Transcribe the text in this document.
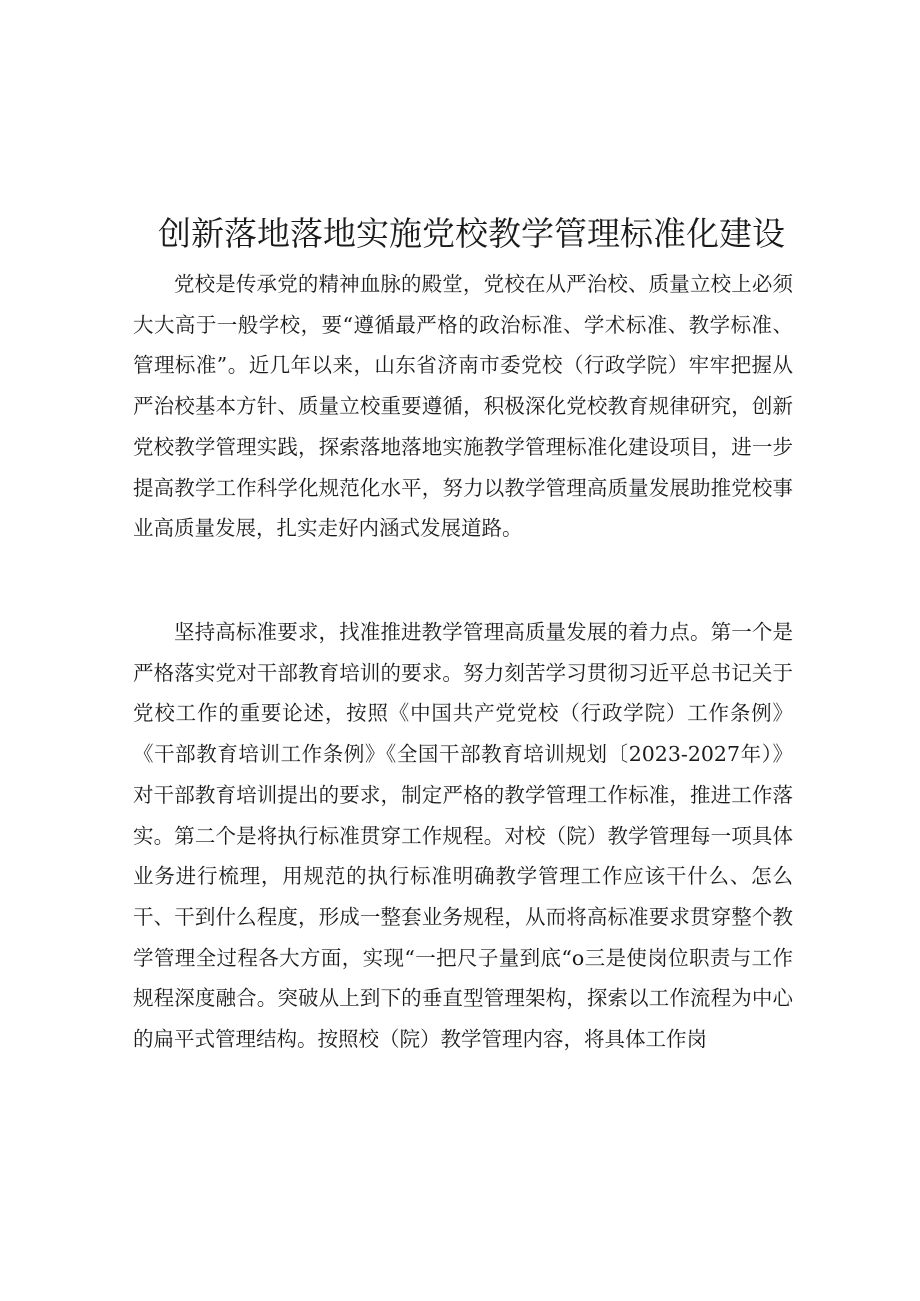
创新落地落地实施党校教学管理标准化建设

党校是传承党的精神血脉的殿堂，党校在从严治校、质量立校上必须大大高于一般学校，要“遵循最严格的政治标准、学术标准、教学标准、管理标准”。近几年以来，山东省济南市委党校（行政学院）牢牢把握从严治校基本方针、质量立校重要遵循，积极深化党校教育规律研究，创新党校教学管理实践，探索落地落地实施教学管理标准化建设项目，进一步提高教学工作科学化规范化水平，努力以教学管理高质量发展助推党校事业高质量发展，扎实走好内涵式发展道路。

坚持高标准要求，找准推进教学管理高质量发展的着力点。第一个是严格落实党对干部教育培训的要求。努力刻苦学习贯彻习近平总书记关于党校工作的重要论述，按照《中国共产党党校（行政学院）工作条例》《干部教育培训工作条例》《全国干部教育培训规划〔2023-2027年）》对干部教育培训提出的要求，制定严格的教学管理工作标准，推进工作落实。第二个是将执行标准贯穿工作规程。对校（院）教学管理每一项具体业务进行梳理，用规范的执行标准明确教学管理工作应该干什么、怎么干、干到什么程度，形成一整套业务规程，从而将高标准要求贯穿整个教学管理全过程各大方面，实现“一把尺子量到底“o三是使岗位职责与工作规程深度融合。突破从上到下的垂直型管理架构，探索以工作流程为中心的扁平式管理结构。按照校（院）教学管理内容，将具体工作岗
